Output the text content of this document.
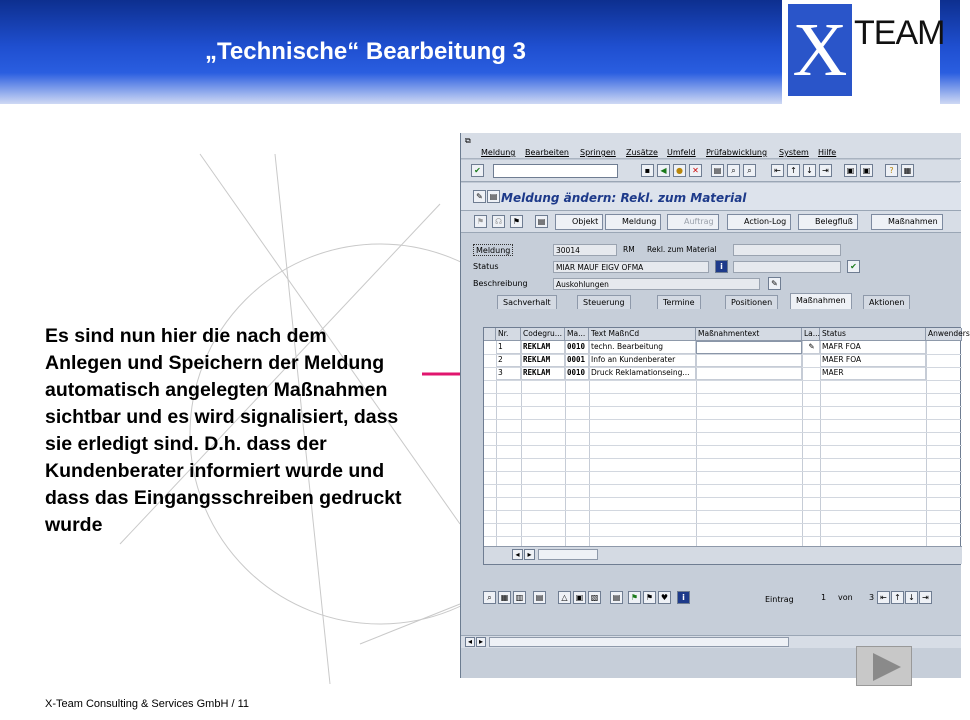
„Technische“ Bearbeitung 3	X TEAM
Es sind nun hier die nach dem Anlegen und Speichern der Meldung automatisch angelegten Maßnahmen sichtbar und es wird signalisiert, dass sie erledigt sind. D.h. dass der Kundenberater informiert wurde und dass das Eingangsschreiben gedruckt wurde
X-Team Consulting & Services GmbH / 11
⧉
Meldung Bearbeiten Springen Zusätze Umfeld Prüfabwicklung System Hilfe
✔	▪	◀	●	✕	▤	⌕	⌕	⇤	↑	↓	⇥	▣	▣	?	▦
✎ ▤ Meldung ändern: Rekl. zum Material
⚑	☊	⚑	▤	Objekt	Meldung	Auftrag	Action-Log	Belegfluß	Maßnahmen
Meldung	30014	RM	Rekl. zum Material
Status	MIAR MAUF EIGV OFMA	i	✔
Beschreibung	Auskohlungen	✎
Sachverhalt	Steuerung	Termine	Positionen	Maßnahmen	Aktionen
Nr.	Codegru... Ma... Text MaßnCd	Maßnahmentext	La... Status	Anwenders
1	REKLAM	0010 techn. Bearbeitung	✎ MAFR FOA
2	REKLAM	0001 Info an Kundenberater	MAER FOA
3	REKLAM	0010 Druck Reklamationseing...	MAER
◂ ▸
⌕	▦ ▥	▤	△	▣ ▧	▤	⚑ ⚑ ♥	i	Eintrag	1 von 3 ⇤ ↑ ↓ ⇥
◂ ▸
